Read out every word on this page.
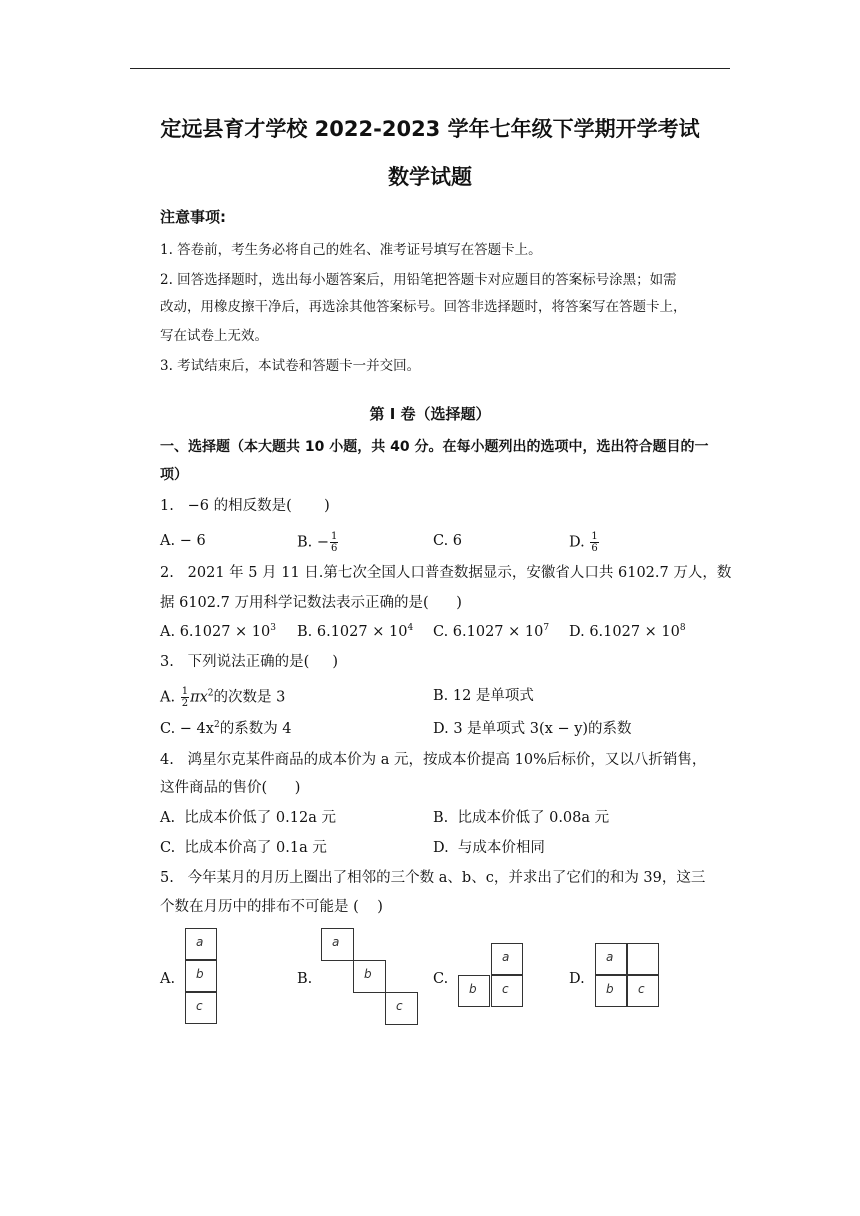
定远县育才学校 2022-2023 学年七年级下学期开学考试
数学试题
注意事项:
1. 答卷前，考生务必将自己的姓名、准考证号填写在答题卡上。
2. 回答选择题时，选出每小题答案后，用铅笔把答题卡对应题目的答案标号涂黑；如需
改动，用橡皮擦干净后，再选涂其他答案标号。回答非选择题时，将答案写在答题卡上，
写在试卷上无效。
3. 考试结束后，本试卷和答题卡一并交回。
第 I 卷（选择题）
一、选择题（本大题共 10 小题，共 40 分。在每小题列出的选项中，选出符合题目的一
项）
1.   −6 的相反数是(       )
A. − 6	B. − $\frac{1}{6}$	C. 6	D. $\frac{1}{6}$
2.   2021 年 5 月 11 日.第七次全国人口普查数据显示，安徽省人口共 6102.7 万人，数
据 6102.7 万用科学记数法表示正确的是(      )
A. $6.1027 \times 10^3$ B. $6.1027 \times 10^4$ C. $6.1027 \times 10^7$ D. $6.1027 \times 10^8$
3.   下列说法正确的是(     )
A. $\frac{1}{2} \pi x^2$的次数是 3	B. 12 是单项式
C. − $4x^2$的系数为 4	D. 3 是单项式 3(x − y)的系数
4.   鸿星尔克某件商品的成本价为 a 元，按成本价提高 10%后标价，又以八折销售，
这件商品的售价(      )
A.  比成本价低了 0.12a 元	B.  比成本价低了 0.08a 元
C.  比成本价高了 0.1a 元	D.  与成本价相同
5.   今年某月的月历上圈出了相邻的三个数 a、b、c，并求出了它们的和为 39，这三
个数在月历中的排布不可能是 (    )
A.	B.	C.	D.
a
b
c
a
b
c
a
b	c
a
b	c
